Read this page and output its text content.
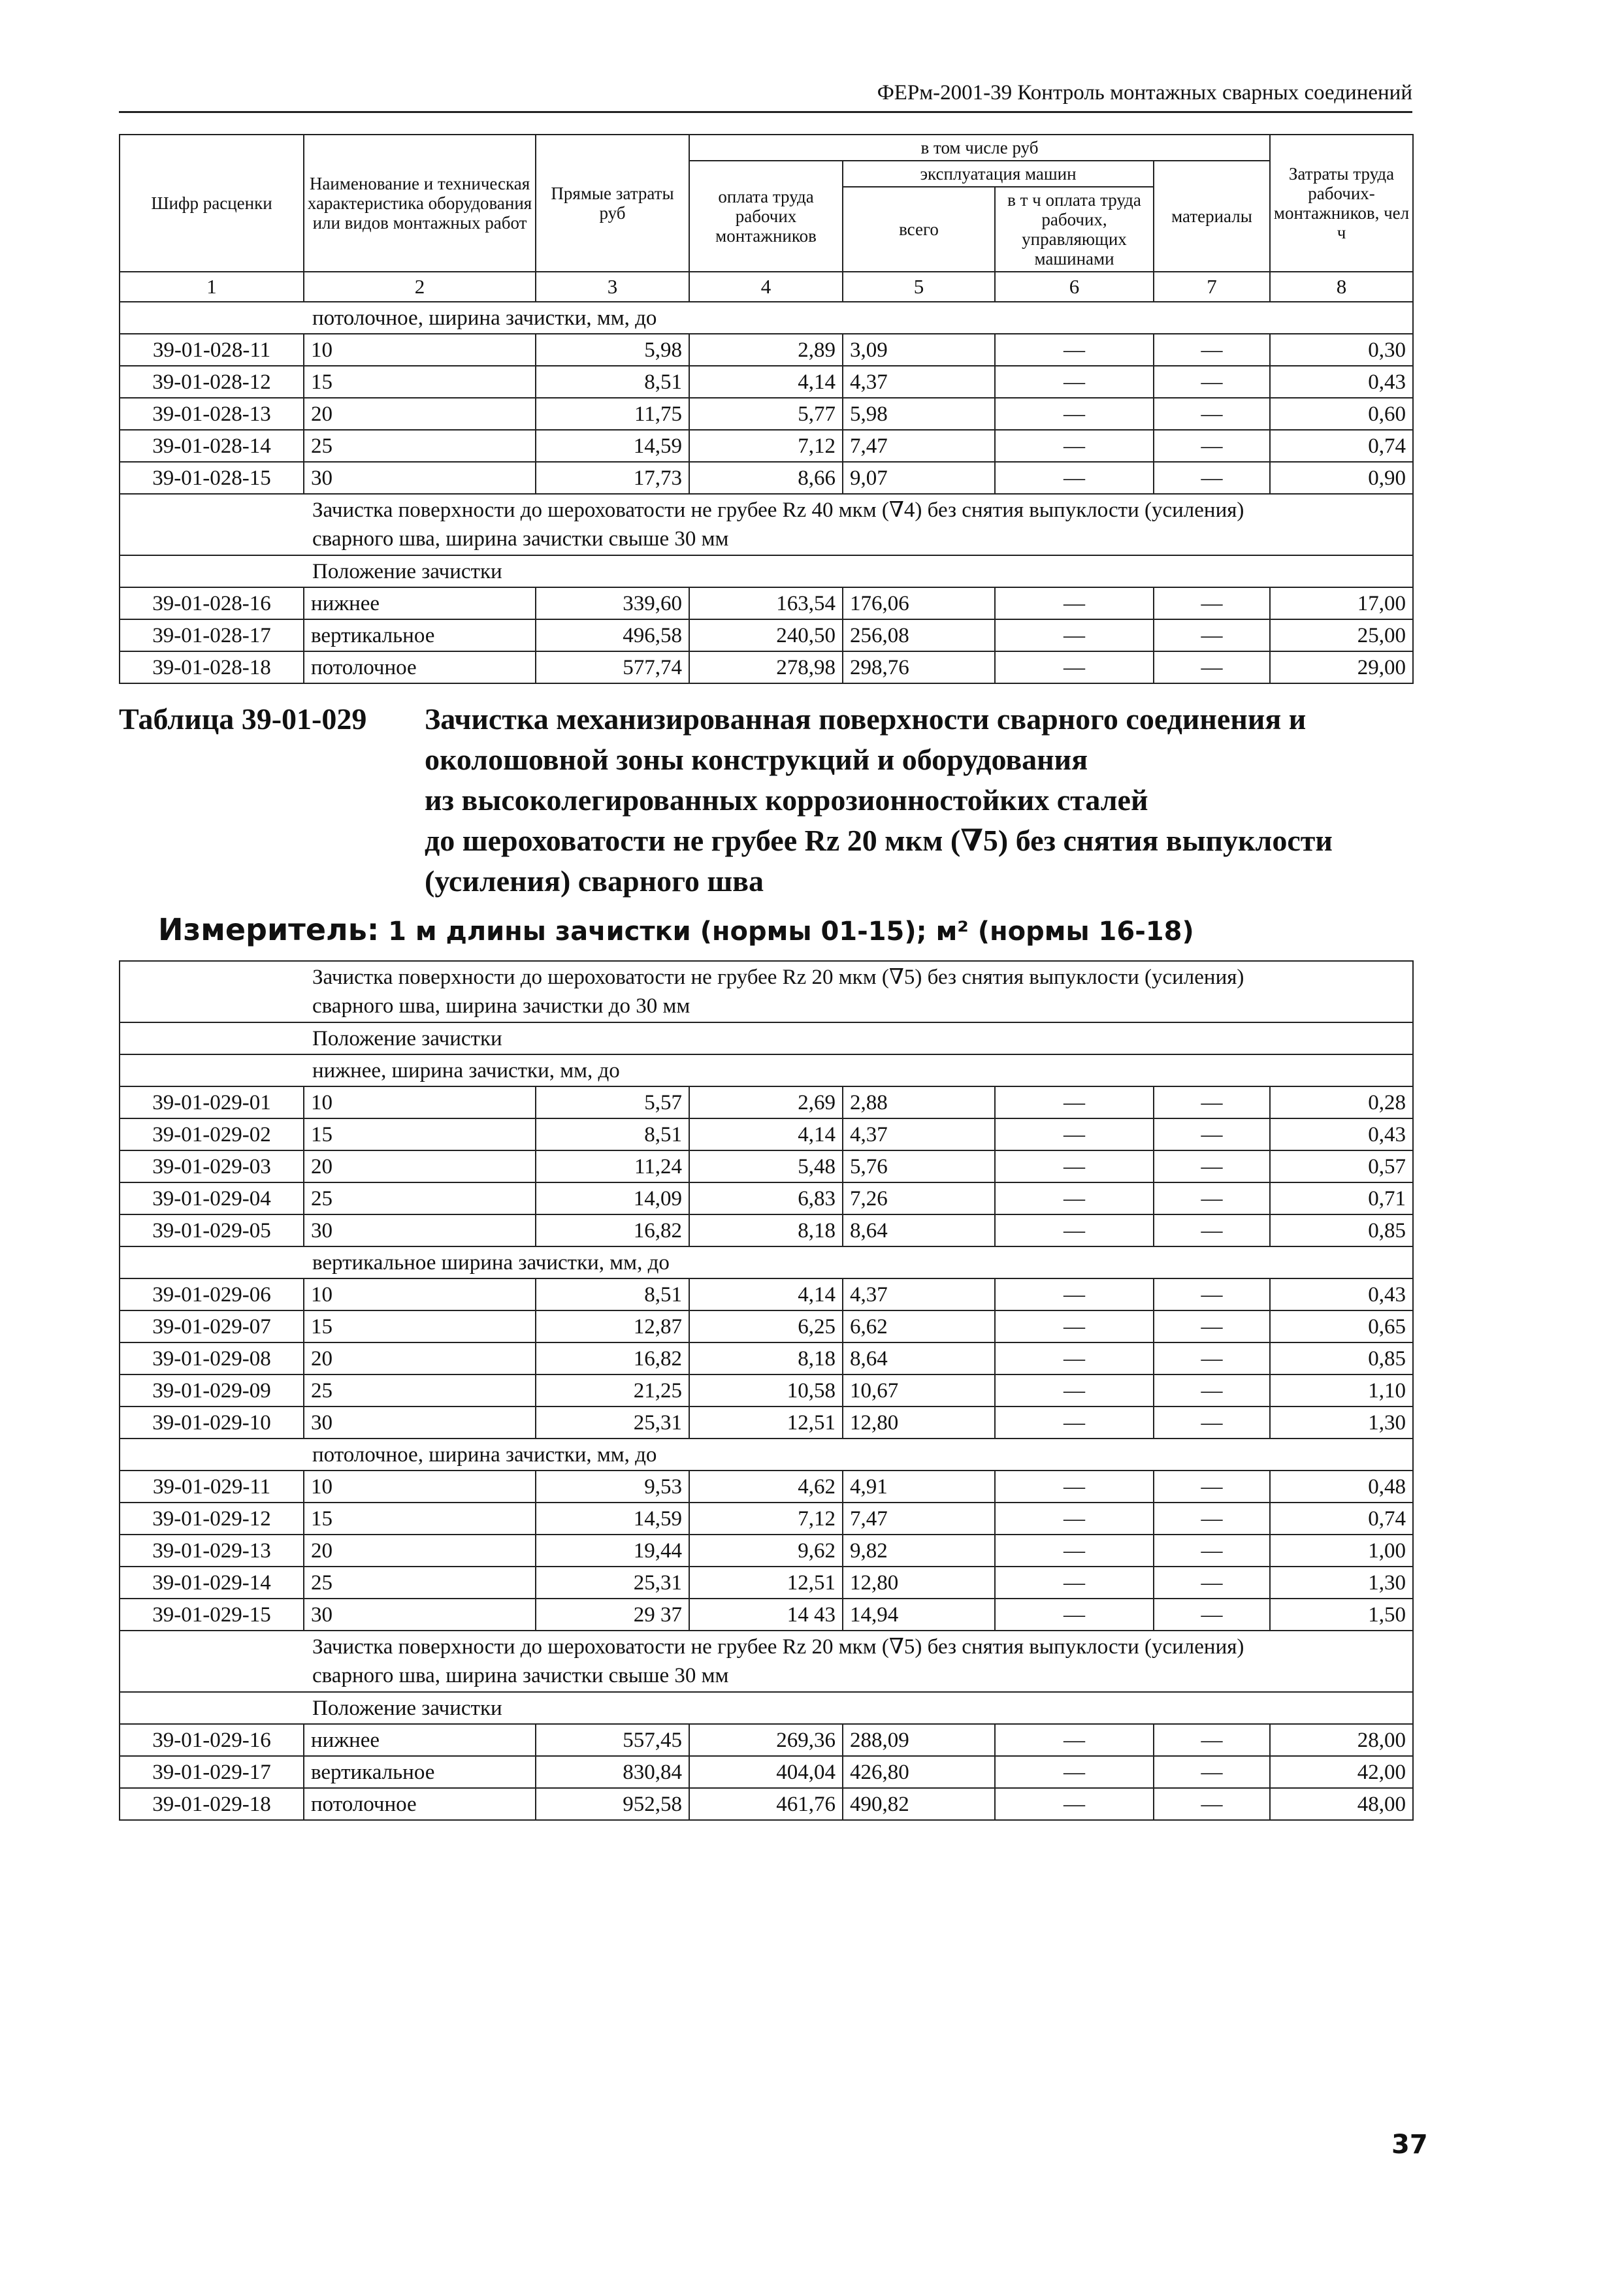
ФЕРм-2001-39 Контроль монтажных сварных соединений
Шифр расценки	Наименование и техническая характеристика оборудования или видов монтажных работ	Прямые затраты руб	в том числе руб				Затраты труда рабочих-монтажников, чел ч
			оплата труда рабочих монтажников	эксплуатация машин		материалы	
				всего	в т ч оплата труда рабочих, управляющих машинами		
1	2	3	4	5	6	7	8
потолочное, ширина зачистки, мм, до							
39-01-028-11	10	5,98	2,89	3,09	—	—	0,30
39-01-028-12	15	8,51	4,14	4,37	—	—	0,43
39-01-028-13	20	11,75	5,77	5,98	—	—	0,60
39-01-028-14	25	14,59	7,12	7,47	—	—	0,74
39-01-028-15	30	17,73	8,66	9,07	—	—	0,90

Зачистка поверхности до шероховатости не грубее Rz 40 мкм (∇4) без снятия выпуклости (усиления)
сварного шва, ширина зачистки свыше 30 мм							

Положение зачистки							
39-01-028-16	нижнее	339,60	163,54	176,06	—	—	17,00
39-01-028-17	вертикальное	496,58	240,50	256,08	—	—	25,00
39-01-028-18	потолочное	577,74	278,98	298,76	—	—	29,00
Таблица 39-01-029 Зачистка механизированная поверхности сварного соединения и
околошовной зоны конструкций и оборудования
из высоколегированных коррозионностойких сталей
до шероховатости не грубее Rz 20 мкм (∇5) без снятия выпуклости
(усиления) сварного шва
Измеритель: 1 м длины зачистки (нормы 01-15); м² (нормы 16-18)
Зачистка поверхности до шероховатости не грубее Rz 20 мкм (∇5) без снятия выпуклости (усиления)
сварного шва, ширина зачистки до 30 мм							

Положение зачистки							
нижнее, ширина зачистки, мм, до							
39-01-029-01	10	5,57	2,69	2,88	—	—	0,28
39-01-029-02	15	8,51	4,14	4,37	—	—	0,43
39-01-029-03	20	11,24	5,48	5,76	—	—	0,57
39-01-029-04	25	14,09	6,83	7,26	—	—	0,71
39-01-029-05	30	16,82	8,18	8,64	—	—	0,85
вертикальное ширина зачистки, мм, до							
39-01-029-06	10	8,51	4,14	4,37	—	—	0,43
39-01-029-07	15	12,87	6,25	6,62	—	—	0,65
39-01-029-08	20	16,82	8,18	8,64	—	—	0,85
39-01-029-09	25	21,25	10,58	10,67	—	—	1,10
39-01-029-10	30	25,31	12,51	12,80	—	—	1,30
потолочное, ширина зачистки, мм, до							
39-01-029-11	10	9,53	4,62	4,91	—	—	0,48
39-01-029-12	15	14,59	7,12	7,47	—	—	0,74
39-01-029-13	20	19,44	9,62	9,82	—	—	1,00
39-01-029-14	25	25,31	12,51	12,80	—	—	1,30
39-01-029-15	30	29 37	14 43	14,94	—	—	1,50

Зачистка поверхности до шероховатости не грубее Rz 20 мкм (∇5) без снятия выпуклости (усиления)
сварного шва, ширина зачистки свыше 30 мм							

Положение зачистки							
39-01-029-16	нижнее	557,45	269,36	288,09	—	—	28,00
39-01-029-17	вертикальное	830,84	404,04	426,80	—	—	42,00
39-01-029-18	потолочное	952,58	461,76	490,82	—	—	48,00
37
